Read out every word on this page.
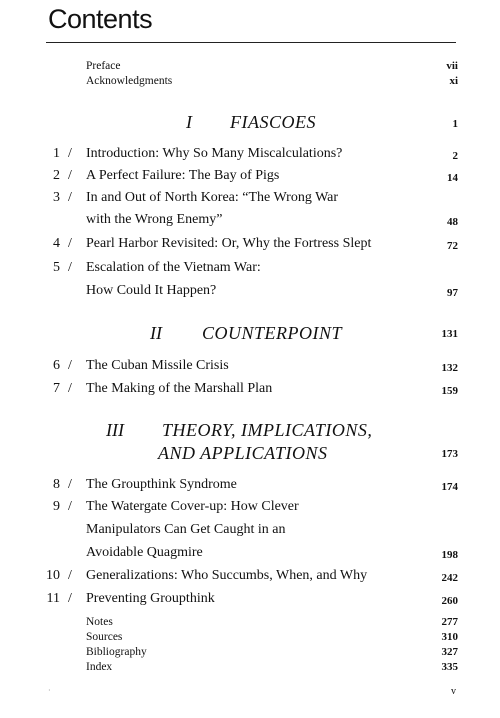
Contents
Preface	vii
Acknowledgments	xi
I FIASCOES	1
1 / Introduction: Why So Many Miscalculations?	2
2 / A Perfect Failure: The Bay of Pigs	14
3 / In and Out of North Korea: “The Wrong War
with the Wrong Enemy”	48
4 / Pearl Harbor Revisited: Or, Why the Fortress Slept	72
5 / Escalation of the Vietnam War:
How Could It Happen?	97
II COUNTERPOINT	131
6 / The Cuban Missile Crisis	132
7 / The Making of the Marshall Plan	159
III THEORY, IMPLICATIONS,
AND APPLICATIONS	173
8 / The Groupthink Syndrome	174
9 / The Watergate Cover-up: How Clever
Manipulators Can Get Caught in an
Avoidable Quagmire	198
10 / Generalizations: Who Succumbs, When, and Why	242
11 / Preventing Groupthink	260
Notes	277
Sources	310
Bibliography	327
Index	335
·	v
